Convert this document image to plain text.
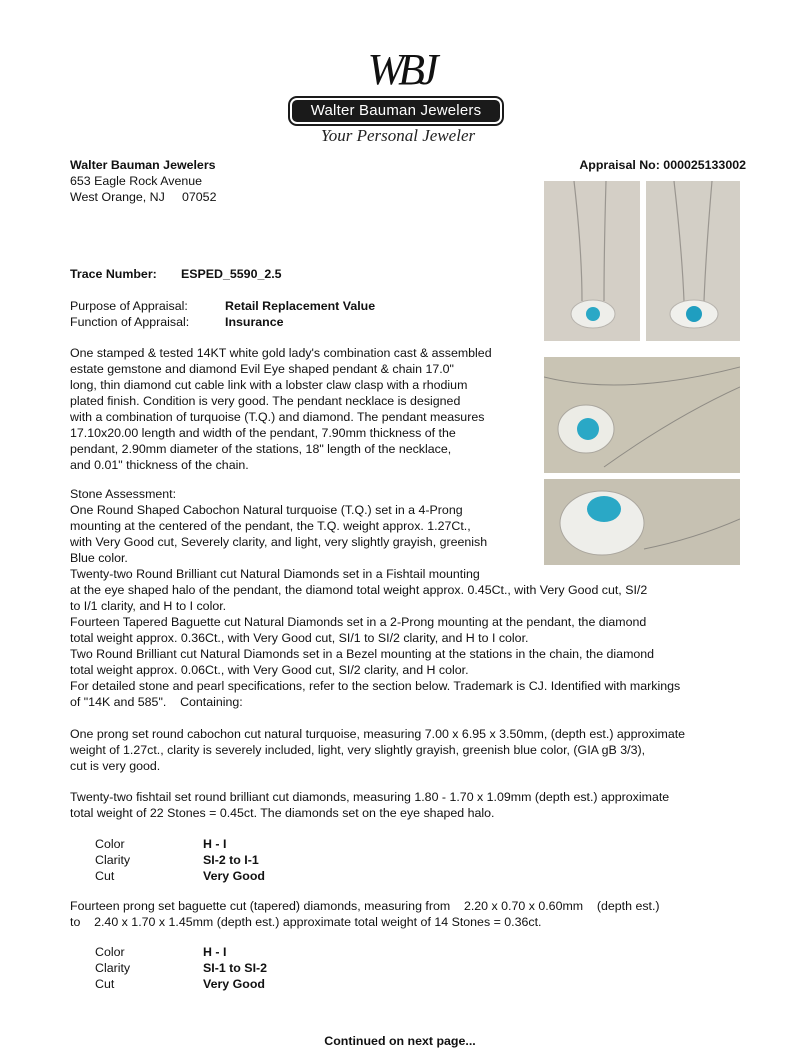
WBJ
Walter Bauman Jewelers
Your Personal Jeweler
Walter Bauman Jewelers
653 Eagle Rock Avenue
West Orange, NJ     07052
Appraisal No: 000025133002
Trace Number: ESPED_5590_2.5
Purpose of Appraisal:	Retail Replacement Value
Function of Appraisal:	Insurance
One stamped & tested 14KT white gold lady's combination cast & assembled
estate gemstone and diamond Evil Eye shaped pendant & chain 17.0"
long, thin diamond cut cable link with a lobster claw clasp with a rhodium
plated finish. Condition is very good. The pendant necklace is designed
with a combination of turquoise (T.Q.) and diamond. The pendant measures
17.10x20.00 length and width of the pendant, 7.90mm thickness of the
pendant, 2.90mm diameter of the stations, 18" length of the necklace,
and 0.01" thickness of the chain.
Stone Assessment:
One Round Shaped Cabochon Natural turquoise (T.Q.) set in a 4-Prong
mounting at the centered of the pendant, the T.Q. weight approx. 1.27Ct.,
with Very Good cut, Severely clarity, and light, very slightly grayish, greenish
Blue color.
Twenty-two Round Brilliant cut Natural Diamonds set in a Fishtail mounting
at the eye shaped halo of the pendant, the diamond total weight approx. 0.45Ct., with Very Good cut, SI/2
to I/1 clarity, and H to I color.
Fourteen Tapered Baguette cut Natural Diamonds set in a 2-Prong mounting at the pendant, the diamond
total weight approx. 0.36Ct., with Very Good cut, SI/1 to SI/2 clarity, and H to I color.
Two Round Brilliant cut Natural Diamonds set in a Bezel mounting at the stations in the chain, the diamond
total weight approx. 0.06Ct., with Very Good cut, SI/2 clarity, and H color.
For detailed stone and pearl specifications, refer to the section below. Trademark is CJ. Identified with markings
of "14K and 585".    Containing:
One prong set round cabochon cut natural turquoise, measuring 7.00 x 6.95 x 3.50mm, (depth est.) approximate
weight of 1.27ct., clarity is severely included, light, very slightly grayish, greenish blue color, (GIA gB 3/3),
cut is very good.
Twenty-two fishtail set round brilliant cut diamonds, measuring 1.80 - 1.70 x 1.09mm (depth est.) approximate
total weight of 22 Stones = 0.45ct. The diamonds set on the eye shaped halo.
Color	H - I
Clarity	SI-2 to I-1
Cut	Very Good
Fourteen prong set baguette cut (tapered) diamonds, measuring from    2.20 x 0.70 x 0.60mm    (depth est.)
to    2.40 x 1.70 x 1.45mm (depth est.) approximate total weight of 14 Stones = 0.36ct.
Color	H - I
Clarity	SI-1 to SI-2
Cut	Very Good
Continued on next page...
